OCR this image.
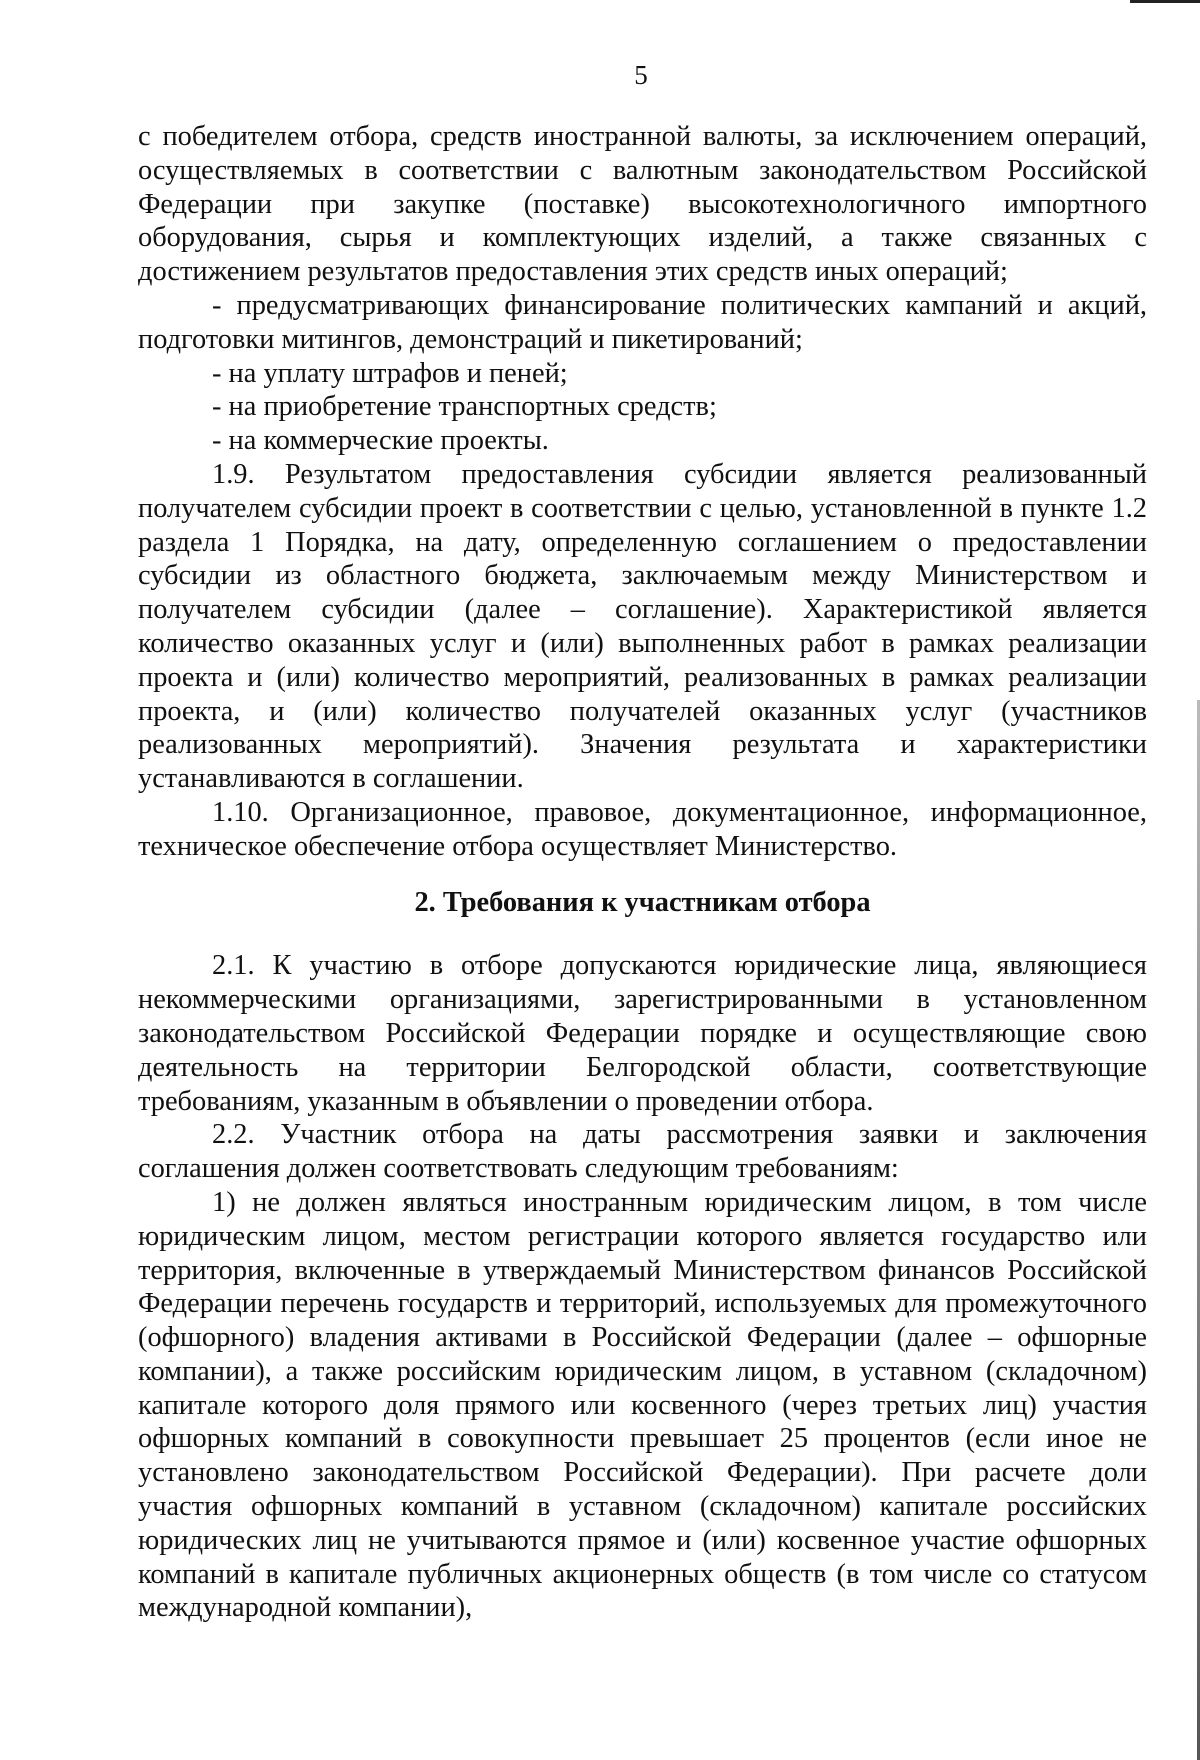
5

с победителем отбора, средств иностранной валюты, за исключением операций, осуществляемых в соответствии с валютным законодательством Российской Федерации при закупке (поставке) высокотехнологичного импортного оборудования, сырья и комплектующих изделий, а также связанных с достижением результатов предоставления этих средств иных операций;

- предусматривающих финансирование политических кампаний и акций, подготовки митингов, демонстраций и пикетирований;

- на уплату штрафов и пеней;

- на приобретение транспортных средств;

- на коммерческие проекты.

1.9. Результатом предоставления субсидии является реализованный получателем субсидии проект в соответствии с целью, установленной в пункте 1.2 раздела 1 Порядка, на дату, определенную соглашением о предоставлении субсидии из областного бюджета, заключаемым между Министерством и получателем субсидии (далее – соглашение). Характеристикой является количество оказанных услуг и (или) выполненных работ в рамках реализации проекта и (или) количество мероприятий, реализованных в рамках реализации проекта, и (или) количество получателей оказанных услуг (участников реализованных мероприятий). Значения результата и характеристики устанавливаются в соглашении.

1.10. Организационное, правовое, документационное, информационное, техническое обеспечение отбора осуществляет Министерство.

2. Требования к участникам отбора

2.1. К участию в отборе допускаются юридические лица, являющиеся некоммерческими организациями, зарегистрированными в установленном законодательством Российской Федерации порядке и осуществляющие свою деятельность на территории Белгородской области, соответствующие требованиям, указанным в объявлении о проведении отбора.

2.2. Участник отбора на даты рассмотрения заявки и заключения соглашения должен соответствовать следующим требованиям:

1) не должен являться иностранным юридическим лицом, в том числе юридическим лицом, местом регистрации которого является государство или территория, включенные в утверждаемый Министерством финансов Российской Федерации перечень государств и территорий, используемых для промежуточного (офшорного) владения активами в Российской Федерации (далее – офшорные компании), а также российским юридическим лицом, в уставном (складочном) капитале которого доля прямого или косвенного (через третьих лиц) участия офшорных компаний в совокупности превышает 25 процентов (если иное не установлено законодательством Российской Федерации). При расчете доли участия офшорных компаний в уставном (складочном) капитале российских юридических лиц не учитываются прямое и (или) косвенное участие офшорных компаний в капитале публичных акционерных обществ (в том числе со статусом международной компании),
